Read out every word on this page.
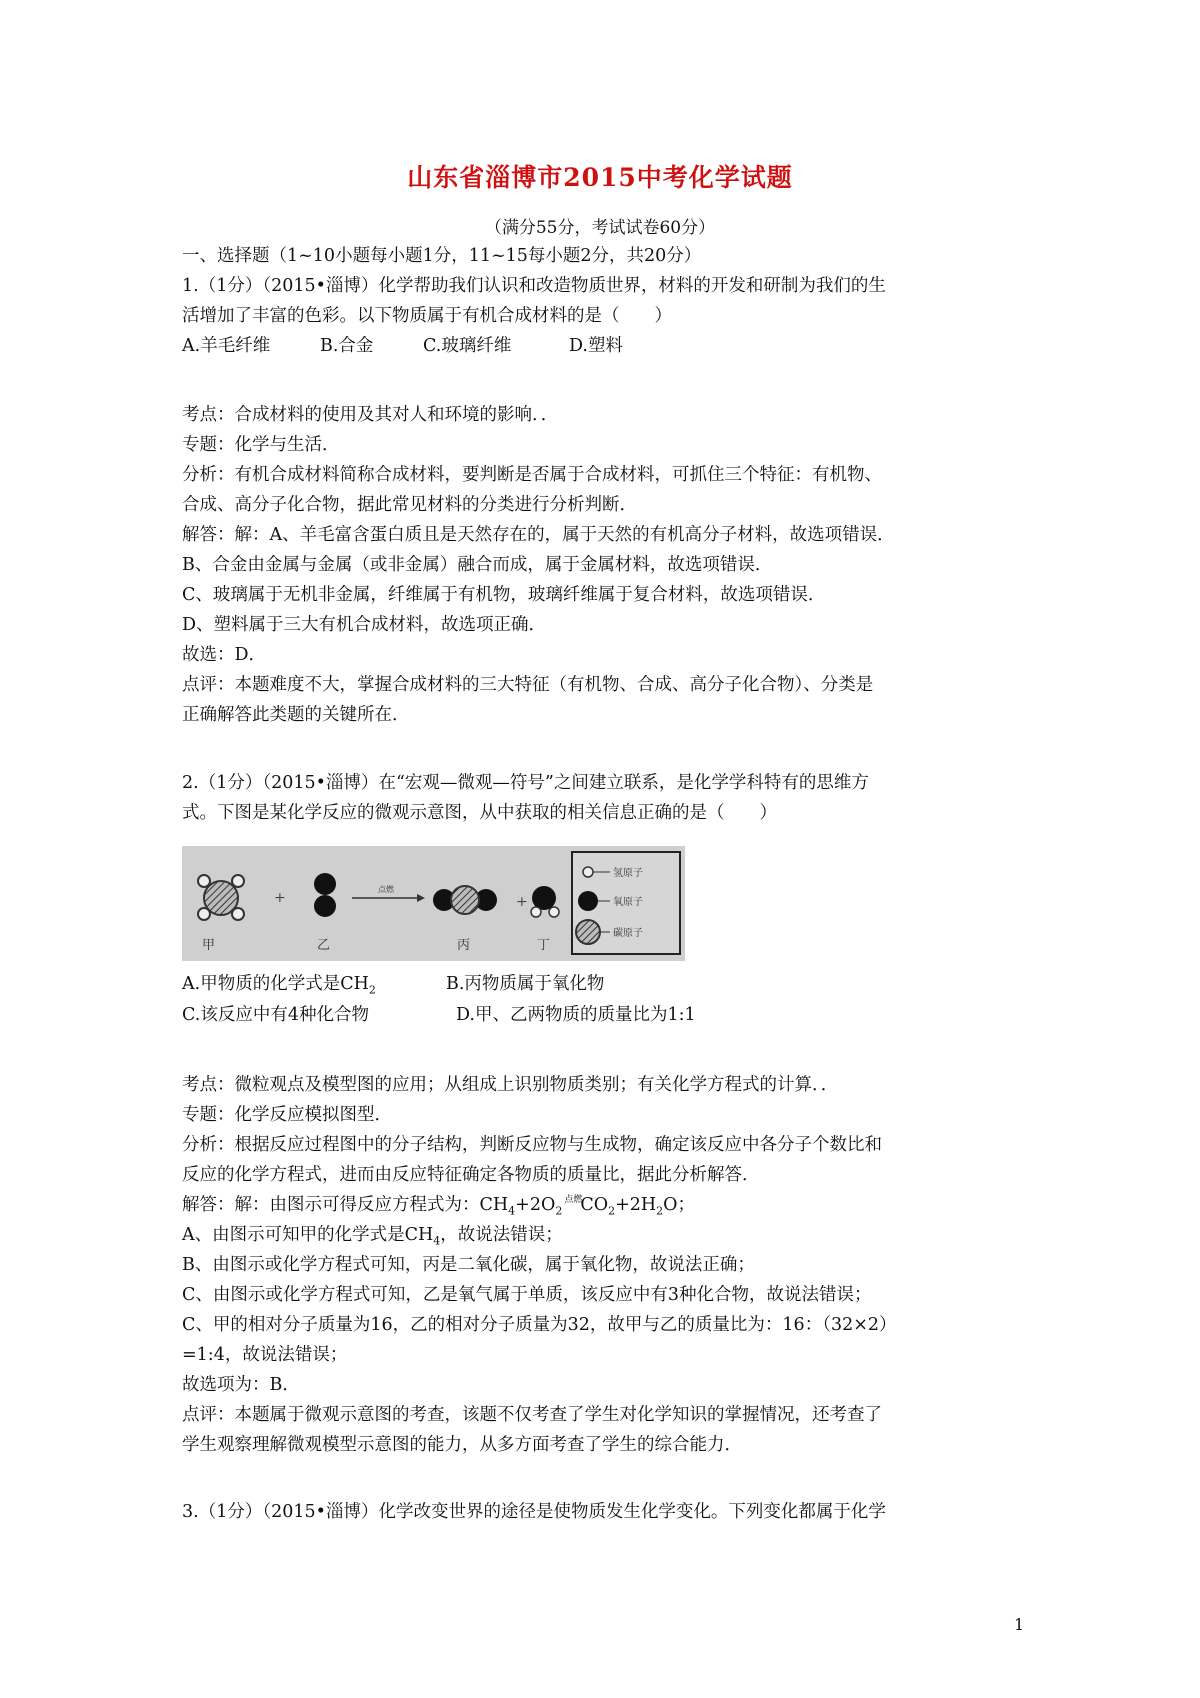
山东省淄博市2015中考化学试题
（满分55分，考试试卷60分）
一、选择题（1~10小题每小题1分，11~15每小题2分，共20分）
1.（1分）（2015•淄博）化学帮助我们认识和改造物质世界，材料的开发和研制为我们的生
活增加了丰富的色彩。以下物质属于有机合成材料的是（　　）
A.羊毛纤维	B.合金	C.玻璃纤维	D.塑料
考点：合成材料的使用及其对人和环境的影响．．
专题：化学与生活．
分析：有机合成材料简称合成材料，要判断是否属于合成材料，可抓住三个特征：有机物、
合成、高分子化合物，据此常见材料的分类进行分析判断．
解答：解：A、羊毛富含蛋白质且是天然存在的，属于天然的有机高分子材料，故选项错误．
B、合金由金属与金属（或非金属）融合而成，属于金属材料，故选项错误．
C、玻璃属于无机非金属，纤维属于有机物，玻璃纤维属于复合材料，故选项错误．
D、塑料属于三大有机合成材料，故选项正确．
故选：D．
点评：本题难度不大，掌握合成材料的三大特征（有机物、合成、高分子化合物）、分类是
正确解答此类题的关键所在．
2.（1分）（2015•淄博）在“宏观—微观—符号”之间建立联系，是化学学科特有的思维方
式。下图是某化学反应的微观示意图，从中获取的相关信息正确的是（　　）
甲
+
乙
点燃
丙
+
丁
氢原子
氧原子
碳原子
A.甲物质的化学式是$CH_2$	B.丙物质属于氧化物
C.该反应中有4种化合物	D.甲、乙两物质的质量比为1:1
考点：微粒观点及模型图的应用；从组成上识别物质类别；有关化学方程式的计算．．
专题：化学反应模拟图型．
分析：根据反应过程图中的分子结构，判断反应物与生成物，确定该反应中各分子个数比和
反应的化学方程式，进而由反应特征确定各物质的质量比，据此分析解答．
解答：解：由图示可得反应方程式为：$CH_4+2O_2^{点燃}CO_2+2H_2O$；
A、由图示可知甲的化学式是$CH_4$，故说法错误；
B、由图示或化学方程式可知，丙是二氧化碳，属于氧化物，故说法正确；
C、由图示或化学方程式可知，乙是氧气属于单质，该反应中有3种化合物，故说法错误；
C、甲的相对分子质量为16，乙的相对分子质量为32，故甲与乙的质量比为：16：（32×2）
=1:4，故说法错误；
故选项为：B．
点评：本题属于微观示意图的考查，该题不仅考查了学生对化学知识的掌握情况，还考查了
学生观察理解微观模型示意图的能力，从多方面考查了学生的综合能力．
3.（1分）（2015•淄博）化学改变世界的途径是使物质发生化学变化。下列变化都属于化学
1
